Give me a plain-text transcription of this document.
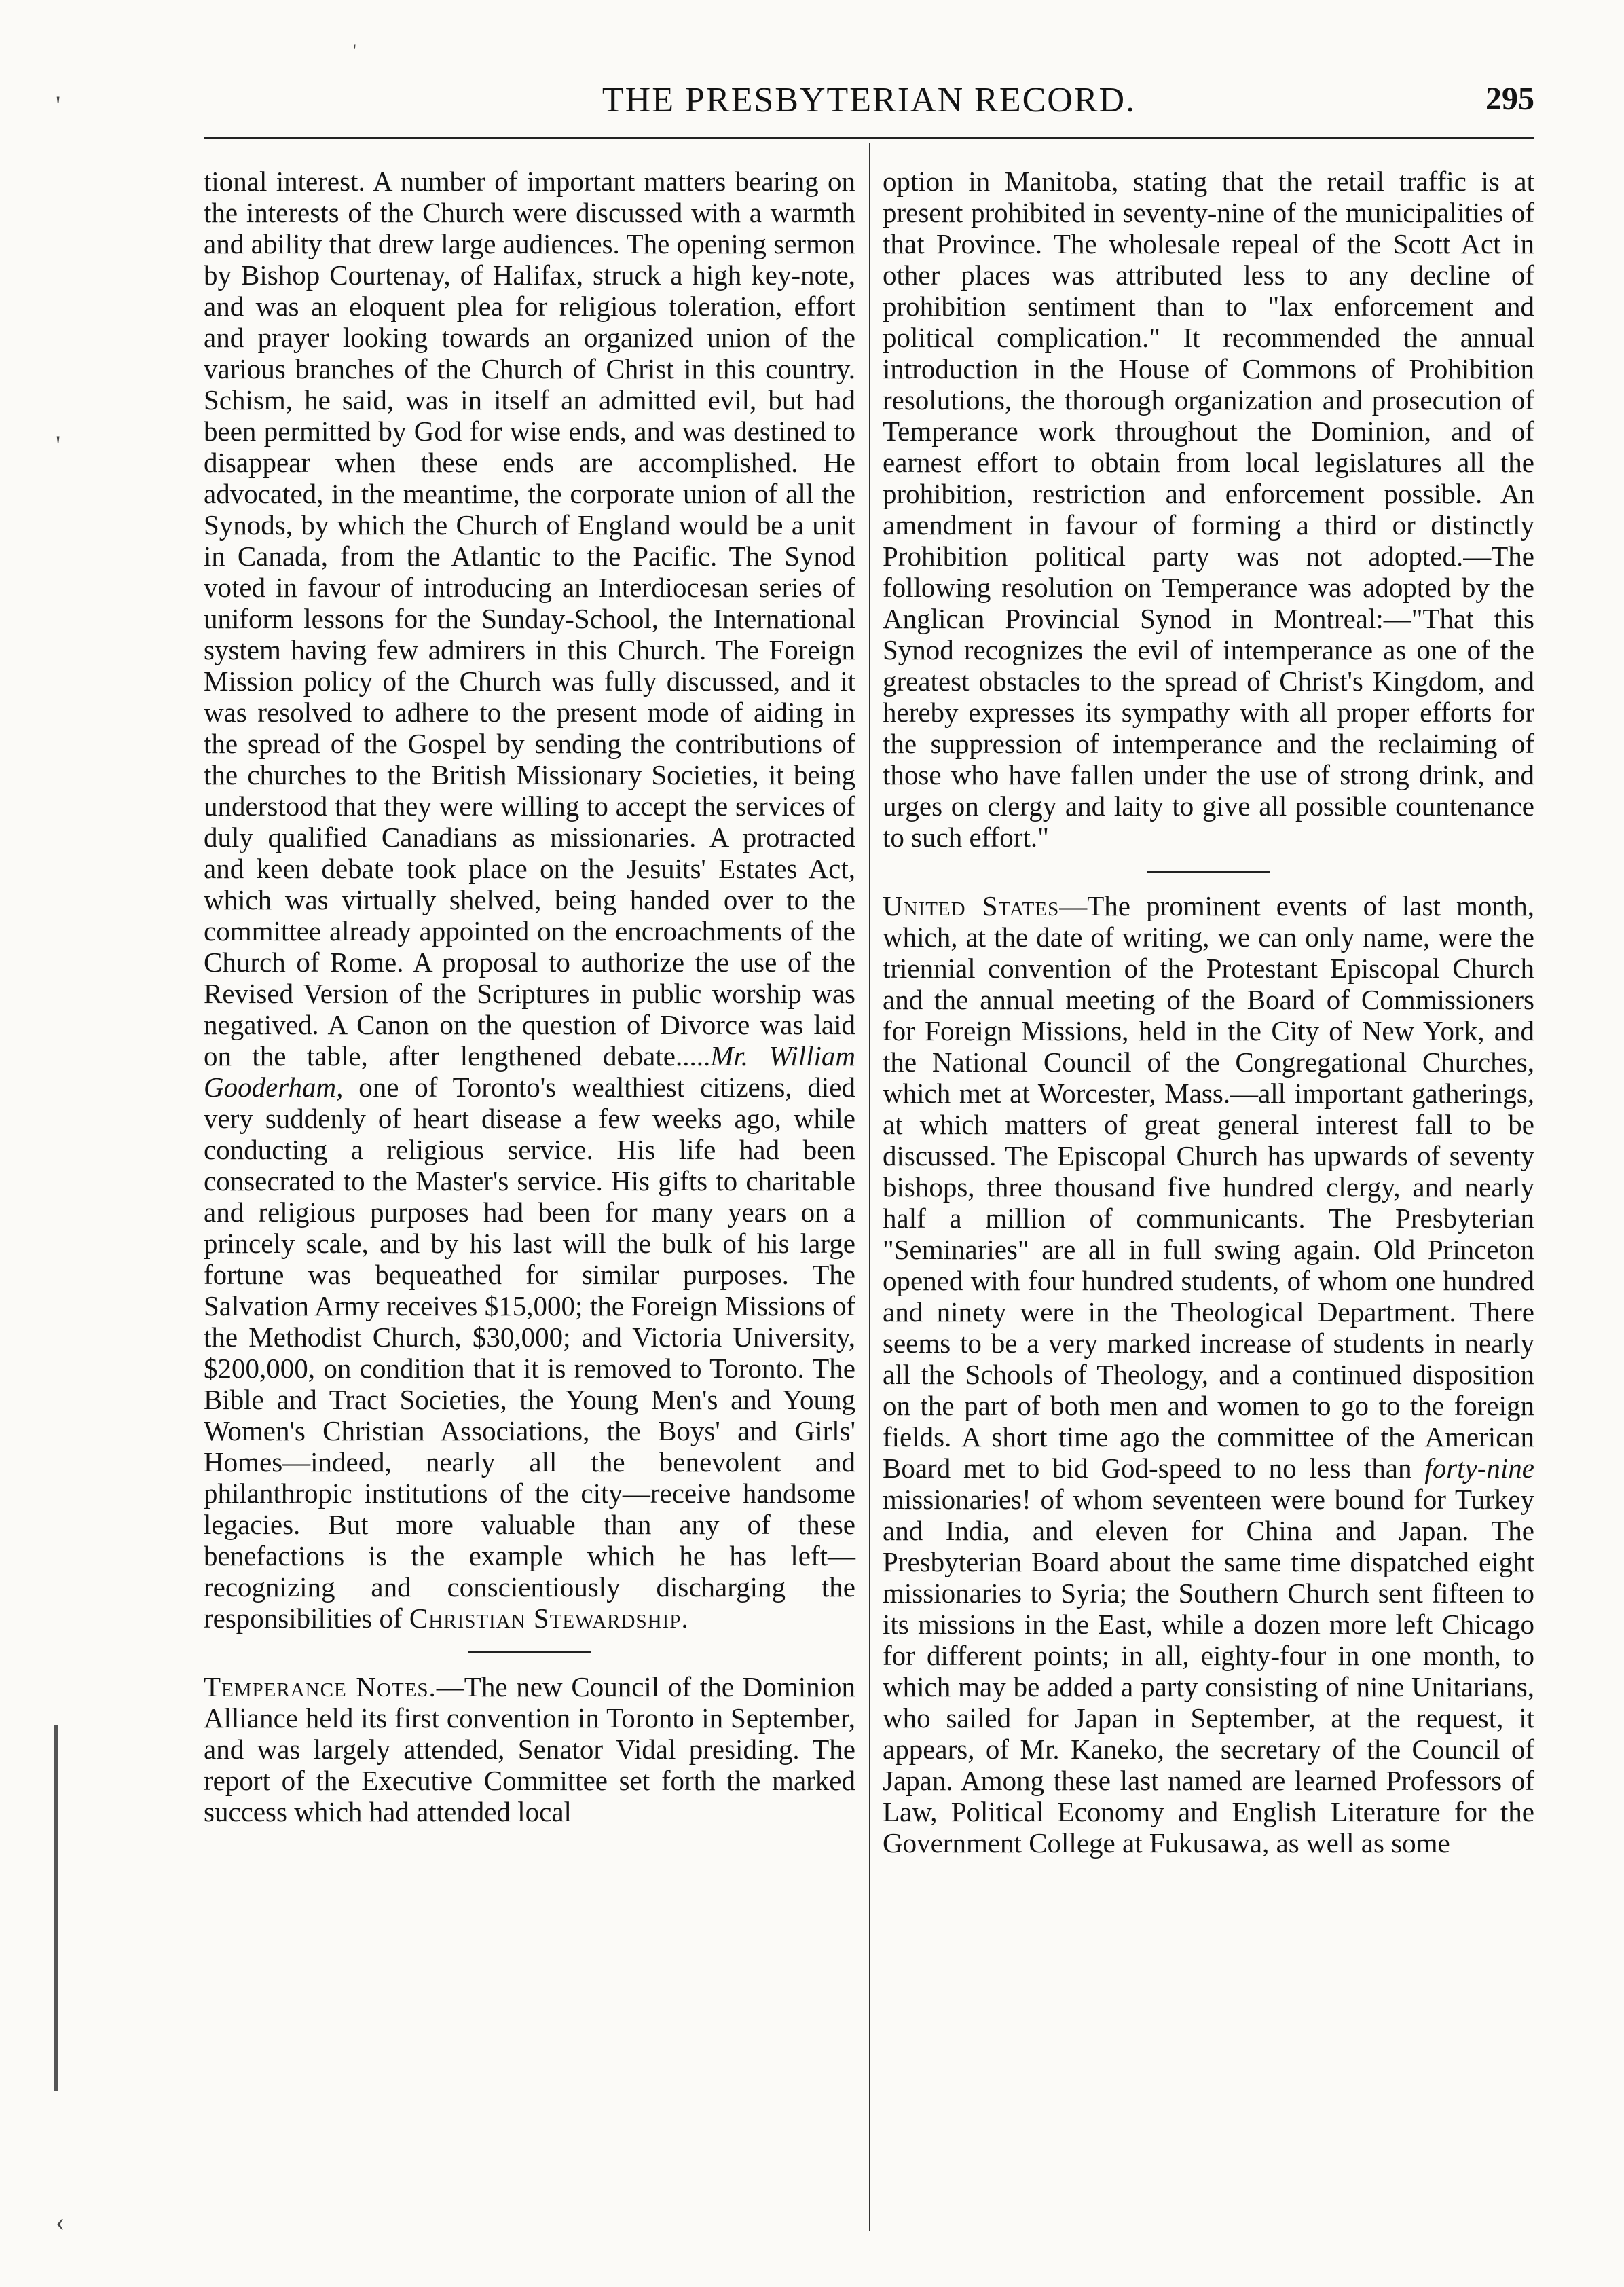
'
'
'
‹
THE PRESBYTERIAN RECORD.	295

tional interest. A number of important matters bearing on the interests of the Church were discussed with a warmth and ability that drew large audiences. The opening sermon by Bishop Courtenay, of Halifax, struck a high key-note, and was an eloquent plea for religious toleration, effort and prayer looking towards an organized union of the various branches of the Church of Christ in this country. Schism, he said, was in itself an admitted evil, but had been permitted by God for wise ends, and was destined to disappear when these ends are accomplished. He advocated, in the meantime, the corporate union of all the Synods, by which the Church of England would be a unit in Canada, from the Atlantic to the Pacific. The Synod voted in favour of introducing an Interdiocesan series of uniform lessons for the Sunday-School, the International system having few admirers in this Church. The Foreign Mission policy of the Church was fully discussed, and it was resolved to adhere to the present mode of aiding in the spread of the Gospel by sending the contributions of the churches to the British Missionary Societies, it being understood that they were willing to accept the services of duly qualified Canadians as missionaries. A protracted and keen debate took place on the Jesuits' Estates Act, which was virtually shelved, being handed over to the committee already appointed on the encroachments of the Church of Rome. A proposal to authorize the use of the Revised Version of the Scriptures in public worship was negatived. A Canon on the question of Divorce was laid on the table, after lengthened debate.....Mr. William Gooderham, one of Toronto's wealthiest citizens, died very suddenly of heart disease a few weeks ago, while conducting a religious service. His life had been consecrated to the Master's service. His gifts to charitable and religious purposes had been for many years on a princely scale, and by his last will the bulk of his large fortune was bequeathed for similar purposes. The Salvation Army receives $15,000; the Foreign Missions of the Methodist Church, $30,000; and Victoria University, $200,000, on condition that it is removed to Toronto. The Bible and Tract Societies, the Young Men's and Young Women's Christian Associations, the Boys' and Girls' Homes—indeed, nearly all the benevolent and philanthropic institutions of the city—receive handsome legacies. But more valuable than any of these benefactions is the example which he has left—recognizing and conscientiously discharging the responsibilities of Christian Stewardship.

Temperance Notes.—The new Council of the Dominion Alliance held its first convention in Toronto in September, and was largely attended, Senator Vidal presiding. The report of the Executive Committee set forth the marked success which had attended local

option in Manitoba, stating that the retail traffic is at present prohibited in seventy-nine of the municipalities of that Province. The wholesale repeal of the Scott Act in other places was attributed less to any decline of prohibition sentiment than to "lax enforcement and political complication." It recommended the annual introduction in the House of Commons of Prohibition resolutions, the thorough organization and prosecution of Temperance work throughout the Dominion, and of earnest effort to obtain from local legislatures all the prohibition, restriction and enforcement possible. An amendment in favour of forming a third or distinctly Prohibition political party was not adopted.—The following resolution on Temperance was adopted by the Anglican Provincial Synod in Montreal:—"That this Synod recognizes the evil of intemperance as one of the greatest obstacles to the spread of Christ's Kingdom, and hereby expresses its sympathy with all proper efforts for the suppression of intemperance and the reclaiming of those who have fallen under the use of strong drink, and urges on clergy and laity to give all possible countenance to such effort."

United States—The prominent events of last month, which, at the date of writing, we can only name, were the triennial convention of the Protestant Episcopal Church and the annual meeting of the Board of Commissioners for Foreign Missions, held in the City of New York, and the National Council of the Congregational Churches, which met at Worcester, Mass.—all important gatherings, at which matters of great general interest fall to be discussed. The Episcopal Church has upwards of seventy bishops, three thousand five hundred clergy, and nearly half a million of communicants. The Presbyterian "Seminaries" are all in full swing again. Old Princeton opened with four hundred students, of whom one hundred and ninety were in the Theological Department. There seems to be a very marked increase of students in nearly all the Schools of Theology, and a continued disposition on the part of both men and women to go to the foreign fields. A short time ago the committee of the American Board met to bid God-speed to no less than forty-nine missionaries! of whom seventeen were bound for Turkey and India, and eleven for China and Japan. The Presbyterian Board about the same time dispatched eight missionaries to Syria; the Southern Church sent fifteen to its missions in the East, while a dozen more left Chicago for different points; in all, eighty-four in one month, to which may be added a party consisting of nine Unitarians, who sailed for Japan in September, at the request, it appears, of Mr. Kaneko, the secretary of the Council of Japan. Among these last named are learned Professors of Law, Political Economy and English Literature for the Government College at Fukusawa, as well as some
